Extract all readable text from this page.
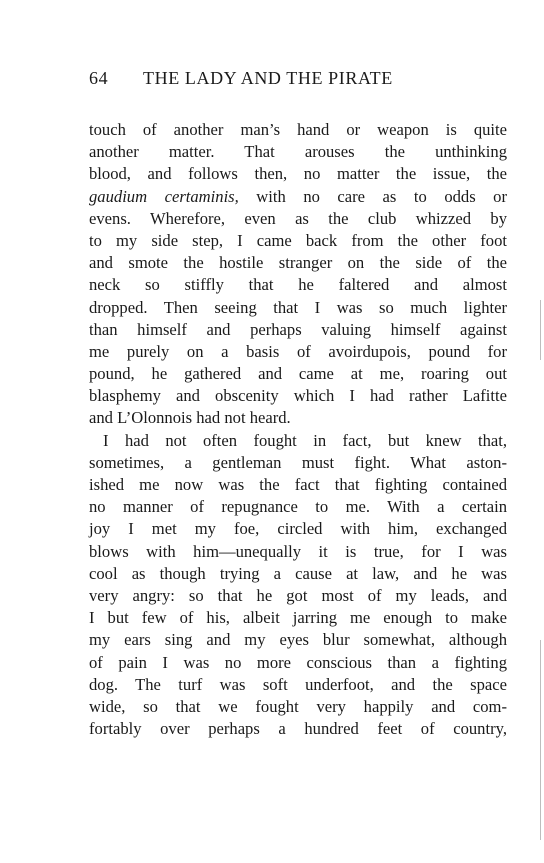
64 THE LADY AND THE PIRATE
touch of another man’s hand or weapon is quite
another matter. That arouses the unthinking
blood, and follows then, no matter the issue, the
gaudium certaminis, with no care as to odds or
evens. Wherefore, even as the club whizzed by
to my side step, I came back from the other foot
and smote the hostile stranger on the side of the
neck so stiffly that he faltered and almost
dropped. Then seeing that I was so much lighter
than himself and perhaps valuing himself against
me purely on a basis of avoirdupois, pound for
pound, he gathered and came at me, roaring out
blasphemy and obscenity which I had rather Lafitte
and L’Olonnois had not heard.
I had not often fought in fact, but knew that,
sometimes, a gentleman must fight. What aston-
ished me now was the fact that fighting contained
no manner of repugnance to me. With a certain
joy I met my foe, circled with him, exchanged
blows with him—unequally it is true, for I was
cool as though trying a cause at law, and he was
very angry: so that he got most of my leads, and
I but few of his, albeit jarring me enough to make
my ears sing and my eyes blur somewhat, although
of pain I was no more conscious than a fighting
dog. The turf was soft underfoot, and the space
wide, so that we fought very happily and com-
fortably over perhaps a hundred feet of country,
